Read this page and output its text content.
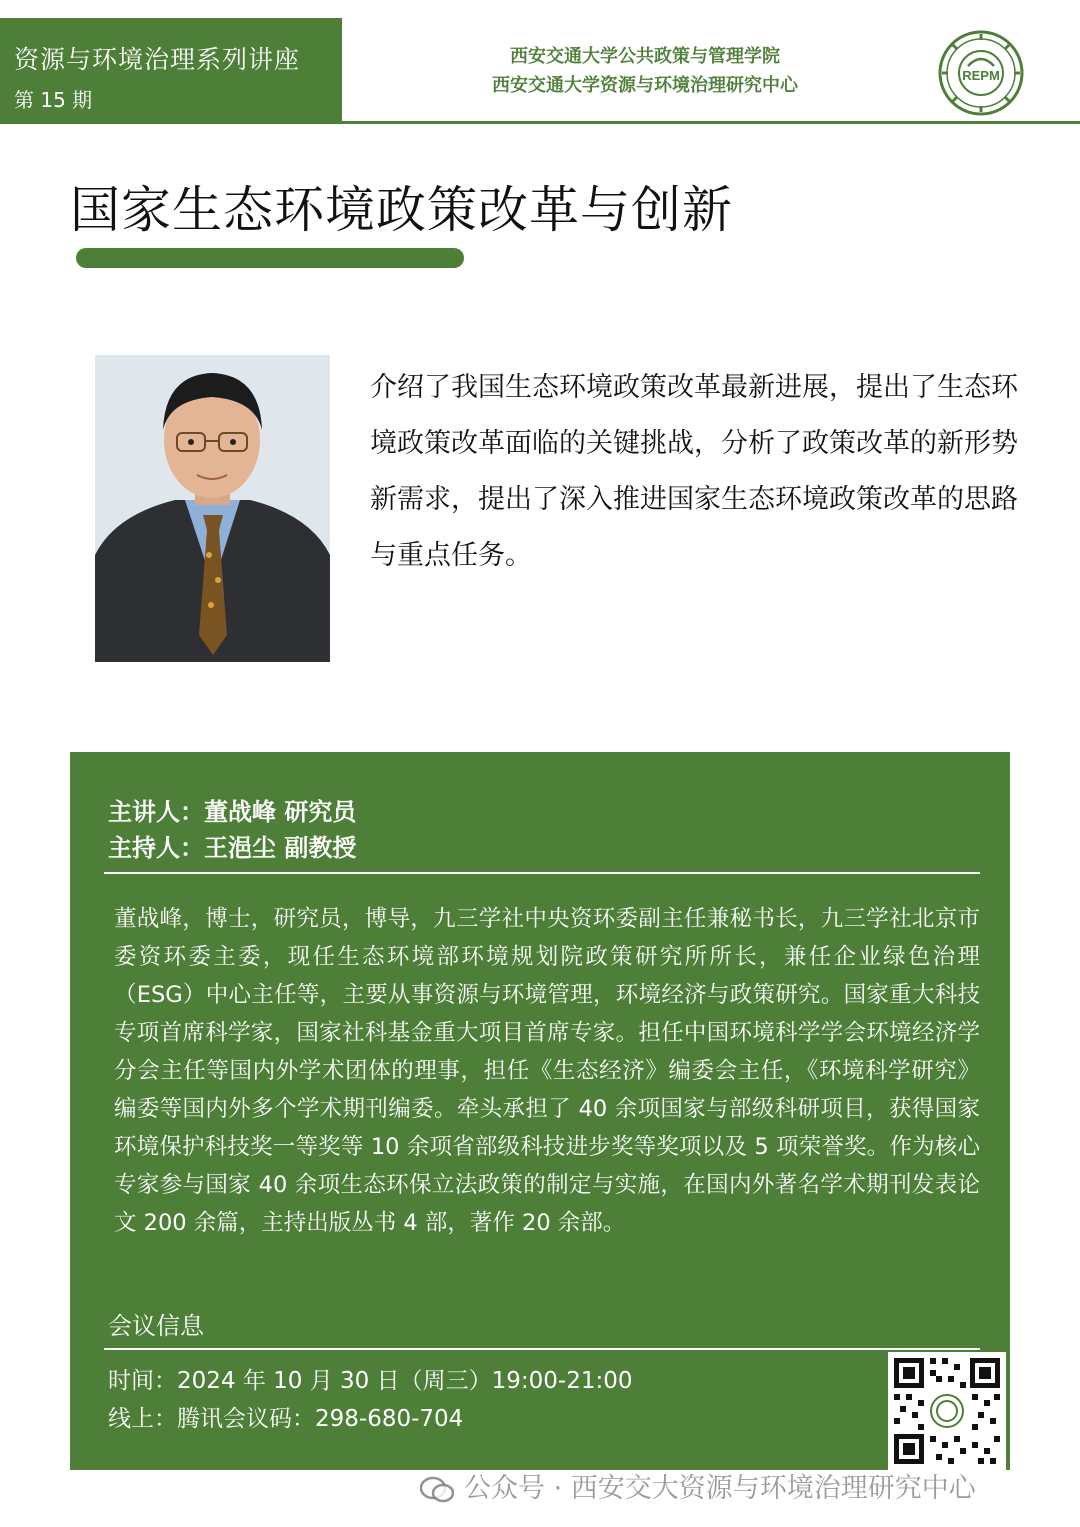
资源与环境治理系列讲座
第 15 期
西安交通大学公共政策与管理学院
西安交通大学资源与环境治理研究中心	REPM
国家生态环境政策改革与创新
介绍了我国生态环境政策改革最新进展，提出了生态环境政策改革面临的关键挑战，分析了政策改革的新形势新需求，提出了深入推进国家生态环境政策改革的思路与重点任务。
主讲人：董战峰 研究员
主持人：王浥尘 副教授
董战峰，博士，研究员，博导，九三学社中央资环委副主任兼秘书长，九三学社北京市委资环委主委，现任生态环境部环境规划院政策研究所所长，兼任企业绿色治理（ESG）中心主任等，主要从事资源与环境管理，环境经济与政策研究。国家重大科技专项首席科学家，国家社科基金重大项目首席专家。担任中国环境科学学会环境经济学分会主任等国内外学术团体的理事，担任《生态经济》编委会主任，《环境科学研究》编委等国内外多个学术期刊编委。牵头承担了 40 余项国家与部级科研项目，获得国家环境保护科技奖一等奖等 10 余项省部级科技进步奖等奖项以及 5 项荣誉奖。作为核心专家参与国家 40 余项生态环保立法政策的制定与实施，在国内外著名学术期刊发表论文 200 余篇，主持出版丛书 4 部，著作 20 余部。
会议信息
时间：2024 年 10 月 30 日（周三）19:00-21:00
线上：腾讯会议码：298-680-704
公众号 · 西安交大资源与环境治理研究中心
